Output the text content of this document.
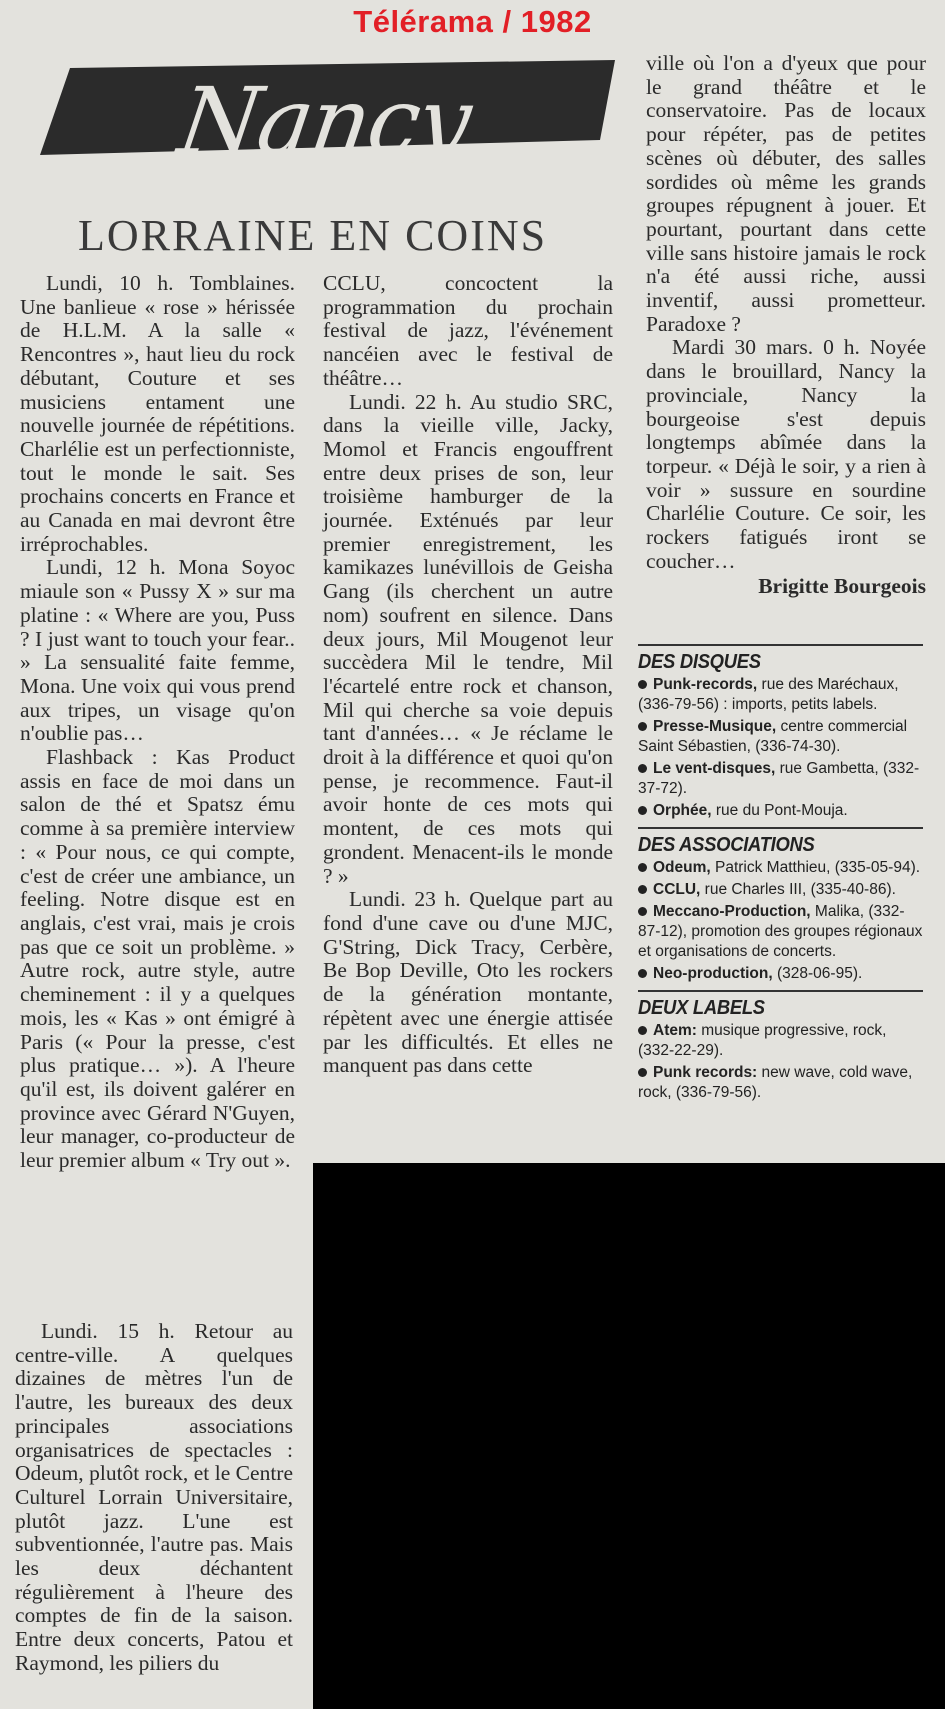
Télérama / 1982
Nancy
LORRAINE EN COINS

Lundi, 10 h. Tomblaines. Une banlieue « rose » hérissée de H.L.M. A la salle « Rencontres », haut lieu du rock débutant, Couture et ses musiciens entament une nouvelle journée de répétitions. Charlélie est un perfectionniste, tout le monde le sait. Ses prochains concerts en France et au Canada en mai devront être irréprochables.

Lundi, 12 h. Mona Soyoc miaule son « Pussy X » sur ma platine : « Where are you, Puss ? I just want to touch your fear.. » La sensualité faite femme, Mona. Une voix qui vous prend aux tripes, un visage qu'on n'oublie pas…

Flashback : Kas Product assis en face de moi dans un salon de thé et Spatsz ému comme à sa première interview : « Pour nous, ce qui compte, c'est de créer une ambiance, un feeling. Notre disque est en anglais, c'est vrai, mais je crois pas que ce soit un problème. » Autre rock, autre style, autre cheminement : il y a quelques mois, les « Kas » ont émigré à Paris (« Pour la presse, c'est plus pratique… »). A l'heure qu'il est, ils doivent galérer en province avec Gérard N'Guyen, leur manager, co-producteur de leur premier album « Try out ».

Lundi. 15 h. Retour au centre-ville. A quelques dizaines de mètres l'un de l'autre, les bureaux des deux principales associations organisatrices de spectacles : Odeum, plutôt rock, et le Centre Culturel Lorrain Universitaire, plutôt jazz. L'une est subventionnée, l'autre pas. Mais les deux déchantent régulièrement à l'heure des comptes de fin de la saison. Entre deux concerts, Patou et Raymond, les piliers du

CCLU, concoctent la programmation du prochain festival de jazz, l'événement nancéien avec le festival de théâtre…

Lundi. 22 h. Au studio SRC, dans la vieille ville, Jacky, Momol et Francis engouffrent entre deux prises de son, leur troisième hamburger de la journée. Exténués par leur premier enregistrement, les kamikazes lunévillois de Geisha Gang (ils cherchent un autre nom) soufrent en silence. Dans deux jours, Mil Mougenot leur succèdera Mil le tendre, Mil l'écartelé entre rock et chanson, Mil qui cherche sa voie depuis tant d'années… « Je réclame le droit à la différence et quoi qu'on pense, je recommence. Faut-il avoir honte de ces mots qui montent, de ces mots qui grondent. Menacent-ils le monde ? »

Lundi. 23 h. Quelque part au fond d'une cave ou d'une MJC, G'String, Dick Tracy, Cerbère, Be Bop Deville, Oto les rockers de la génération montante, répètent avec une énergie attisée par les difficultés. Et elles ne manquent pas dans cette

ville où l'on a d'yeux que pour le grand théâtre et le conservatoire. Pas de locaux pour répéter, pas de petites scènes où débuter, des salles sordides où même les grands groupes répugnent à jouer. Et pourtant, pourtant dans cette ville sans histoire jamais le rock n'a été aussi riche, aussi inventif, aussi prometteur. Paradoxe ?

Mardi 30 mars. 0 h. Noyée dans le brouillard, Nancy la provinciale, Nancy la bourgeoise s'est depuis longtemps abîmée dans la torpeur. « Déjà le soir, y a rien à voir » sussure en sourdine Charlélie Couture. Ce soir, les rockers fatigués iront se coucher…

Brigitte Bourgeois
DES DISQUES
Punk-records, rue des Maréchaux, (336-79-56) : imports, petits labels.
Presse-Musique, centre commercial Saint Sébastien, (336-74-30).
Le vent-disques, rue Gambetta, (332-37-72).
Orphée, rue du Pont-Mouja.
DES ASSOCIATIONS
Odeum, Patrick Matthieu, (335-05-94).
CCLU, rue Charles III, (335-40-86).
Meccano-Production, Malika, (332-87-12), promotion des groupes régionaux et organisations de concerts.
Neo-production, (328-06-95).
DEUX LABELS
Atem: musique progressive, rock, (332-22-29).
Punk records: new wave, cold wave, rock, (336-79-56).
